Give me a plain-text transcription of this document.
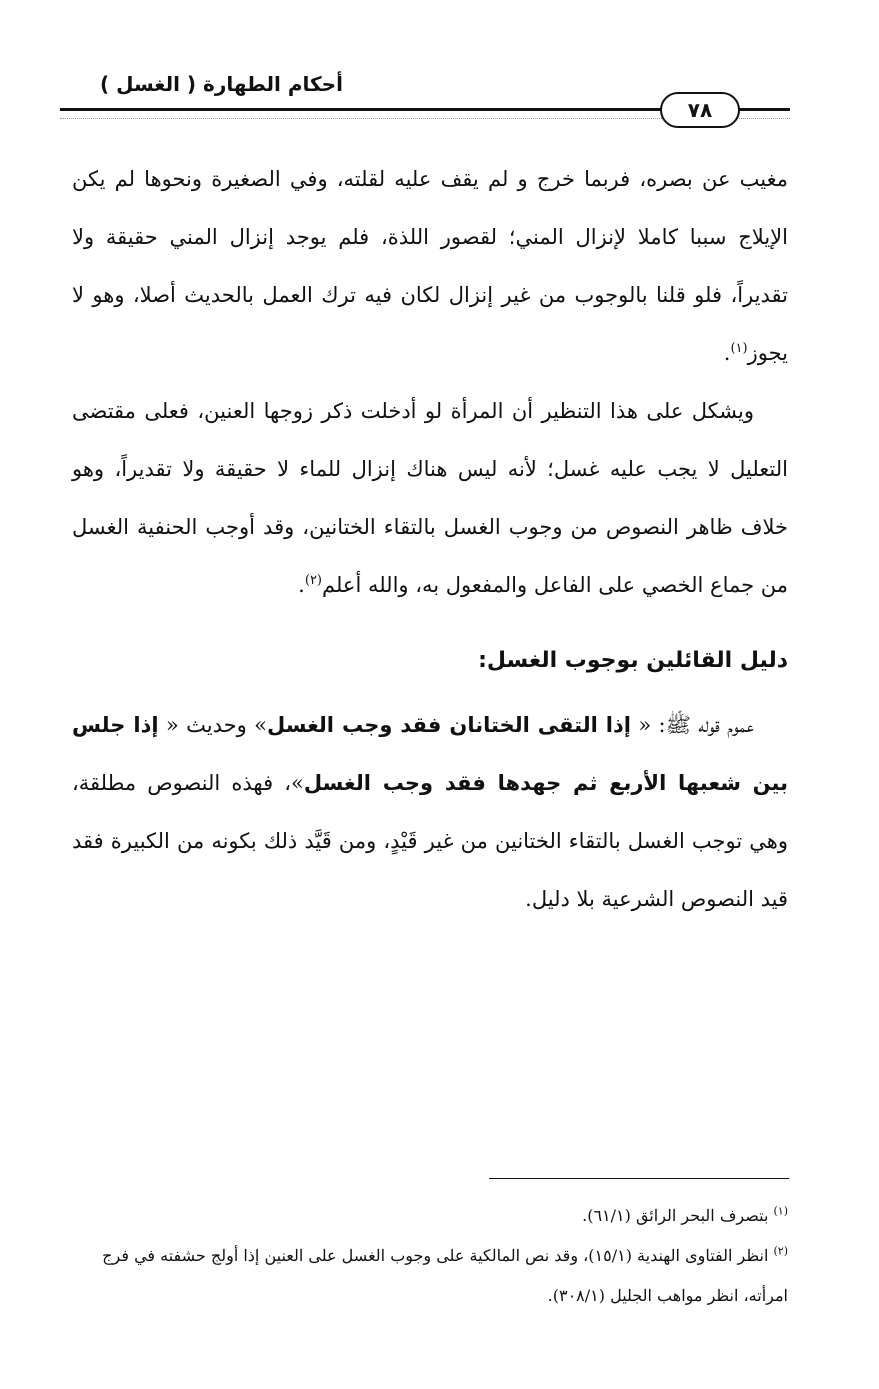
أحكام الطهارة ( الغسل )
٧٨

مغيب عن بصره، فربما خرج و لم يقف عليه لقلته، وفي الصغيرة ونحوها لم يكن الإيلاج سببا كاملا لإنزال المني؛ لقصور اللذة، فلم يوجد إنزال المني حقيقة ولا تقديراً، فلو قلنا بالوجوب من غير إنزال لكان فيه ترك العمل بالحديث أصلا، وهو لا يجوز$^{(١)}$.

ويشكل على هذا التنظير أن المرأة لو أدخلت ذكر زوجها العنين، فعلى مقتضى التعليل لا يجب عليه غسل؛ لأنه ليس هناك إنزال للماء لا حقيقة ولا تقديراً، وهو خلاف ظاهر النصوص من وجوب الغسل بالتقاء الختانين، وقد أوجب الحنفية الغسل من جماع الخصي على الفاعل والمفعول به، والله أعلم$^{(٢)}$.

دليل القائلين بوجوب الغسل:

عموم قوله ﷺ: « إذا التقى الختانان فقد وجب الغسل» وحديث « إذا جلس بين شعبها الأربع ثم جهدها فقد وجب الغسل»، فهذه النصوص مطلقة، وهي توجب الغسل بالتقاء الختانين من غير قَيْدٍ، ومن قَيَّد ذلك بكونه من الكبيرة فقد قيد النصوص الشرعية بلا دليل.

$^{(١)}$ بتصرف البحر الرائق (٦١/١).

$^{(٢)}$ انظر الفتاوى الهندية (١٥/١)، وقد نص المالكية على وجوب الغسل على العنين إذا أولج حشفته في فرج امرأته، انظر مواهب الجليل (٣٠٨/١).
